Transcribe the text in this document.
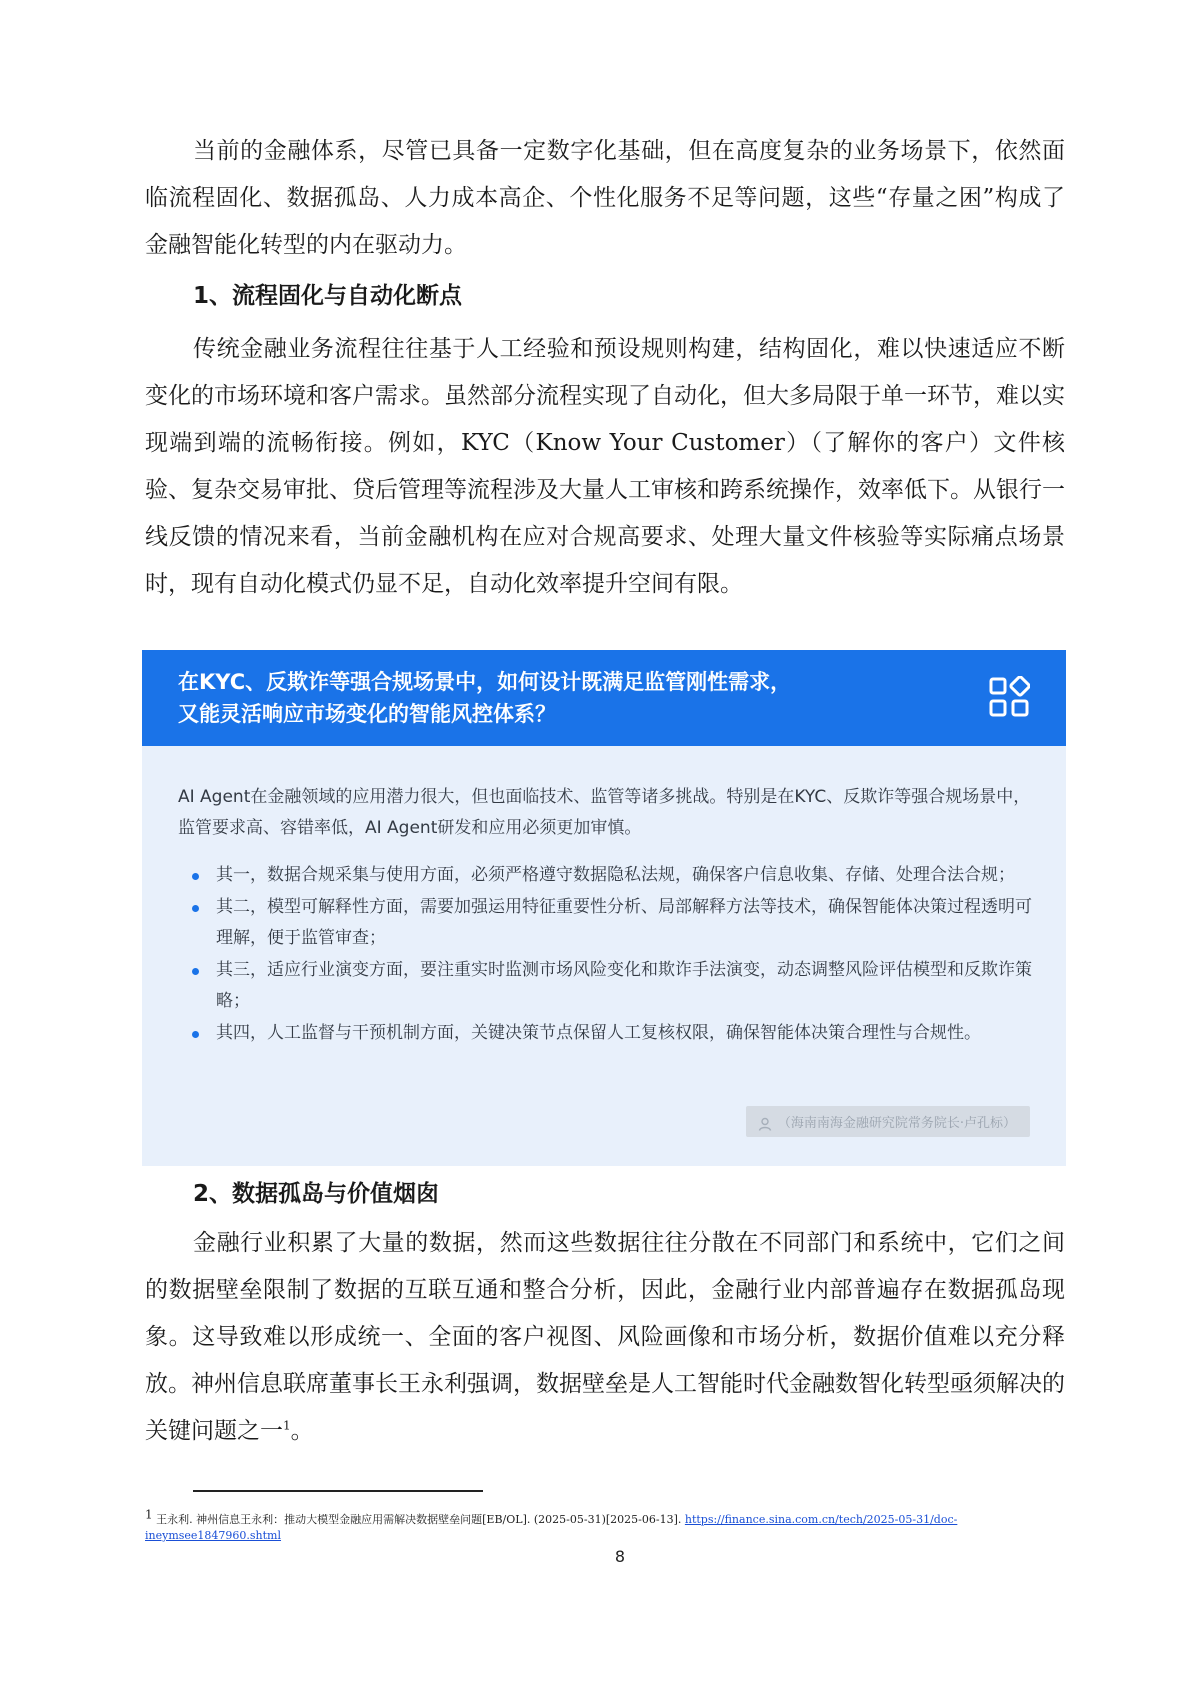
当前的金融体系，尽管已具备一定数字化基础，但在高度复杂的业务场景下，依然面临流程固化、数据孤岛、人力成本高企、个性化服务不足等问题，这些“存量之困”构成了金融智能化转型的内在驱动力。

1、流程固化与自动化断点

传统金融业务流程往往基于人工经验和预设规则构建，结构固化，难以快速适应不断变化的市场环境和客户需求。虽然部分流程实现了自动化，但大多局限于单一环节，难以实现端到端的流畅衔接。例如，KYC（Know Your Customer）（了解你的客户）文件核验、复杂交易审批、贷后管理等流程涉及大量人工审核和跨系统操作，效率低下。从银行一线反馈的情况来看，当前金融机构在应对合规高要求、处理大量文件核验等实际痛点场景时，现有自动化模式仍显不足，自动化效率提升空间有限。

在KYC、反欺诈等强合规场景中，如何设计既满足监管刚性需求，
又能灵活响应市场变化的智能风控体系？

AI Agent在金融领域的应用潜力很大，但也面临技术、监管等诸多挑战。特别是在KYC、反欺诈等强合规场景中，监管要求高、容错率低，AI Agent研发和应用必须更加审慎。

其一，数据合规采集与使用方面，必须严格遵守数据隐私法规，确保客户信息收集、存储、处理合法合规；
其二，模型可解释性方面，需要加强运用特征重要性分析、局部解释方法等技术，确保智能体决策过程透明可理解，便于监管审查；
其三，适应行业演变方面，要注重实时监测市场风险变化和欺诈手法演变，动态调整风险评估模型和反欺诈策略；
其四，人工监督与干预机制方面，关键决策节点保留人工复核权限，确保智能体决策合理性与合规性。
（海南南海金融研究院常务院长·卢孔标）
2、数据孤岛与价值烟囱

金融行业积累了大量的数据，然而这些数据往往分散在不同部门和系统中，它们之间的数据壁垒限制了数据的互联互通和整合分析，因此，金融行业内部普遍存在数据孤岛现象。这导致难以形成统一、全面的客户视图、风险画像和市场分析，数据价值难以充分释放。神州信息联席董事长王永利强调，数据壁垒是人工智能时代金融数智化转型亟须解决的关键问题之一$^1$。

$^1$ 王永利. 神州信息王永利：推动大模型金融应用需解决数据壁垒问题[EB/OL]. (2025-05-31)[2025-06-13]. https://finance.sina.com.cn/tech/2025-05-31/doc-ineymsee1847960.shtml

8
